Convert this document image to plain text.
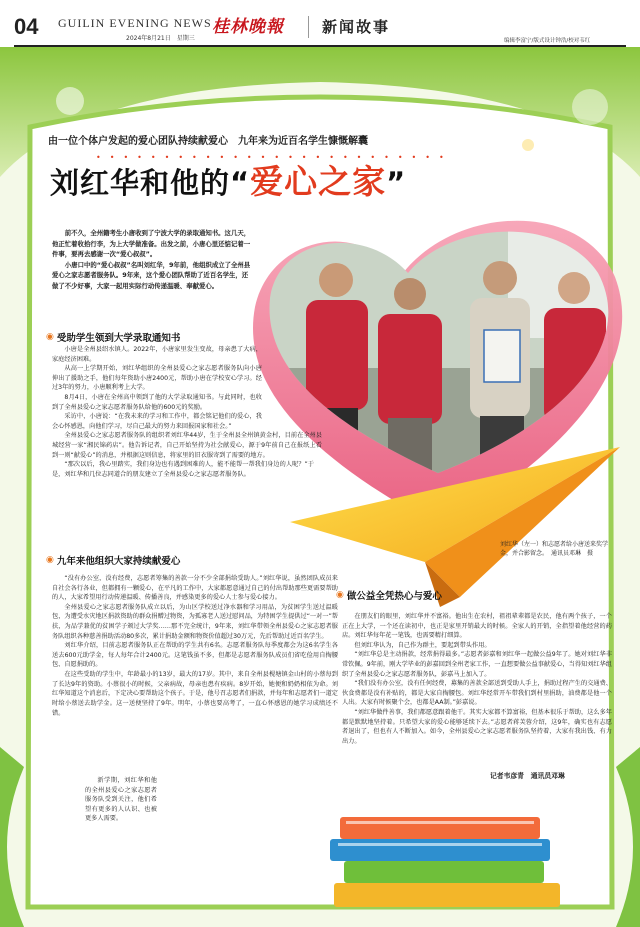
04 GUILIN EVENING NEWS
2024年8月21日　星期三
桂林晚報	新闻故事
编辑李富宁/版式设计钟浩/校对韦红
由一位个体户发起的爱心团队持续献爱心　九年来为近百名学生慷慨解囊
••••••••••••••••••••••••••
刘红华和他的“爱心之家”

前不久，全州籍考生小唐收到了宁波大学的录取通知书。这几天，他正忙着收拾行李，为上大学做准备。出发之前，小唐心里还惦记着一件事，要再去感谢一次“爱心叔叔”。

小唐口中的“爱心叔叔”名叫刘红华，9年前，他组织成立了全州县爱心之家志愿者服务队。9年来，这个爱心团队帮助了近百名学生，还做了不少好事，大家一起用实际行动传递温暖、奉献爱心。

◉ 受助学生领到大学录取通知书

小唐是全州县绍水镇人。2022年，小唐家里发生变故，母亲患了大病，家庭经济困难。

从高一上学期开始，刘红华组织的全州县爱心之家志愿者服务队向小唐伸出了援助之手，他们每年资助小唐2400元，帮助小唐在学校安心学习。经过3年的努力，小唐顺利考上大学。

8月4日，小唐在全州高中领到了他的大学录取通知书。与此同时，也收到了全州县爱心之家志愿者服务队给他的600元的奖励。

采访中，小唐说：“在我未来的学习和工作中，都会铭记他们的爱心，我会心怀感恩，向他们学习，尽自己最大的努力来回报国家和社会。”

全州县爱心之家志愿者服务队的组织者刘红华44岁，生于全州县全州镇黄金村，目前在全州县城经营一家“湘民锦药店”。他告诉记者，自己开始坚持为社会献爱心，源于9年前自己在报纸上看到一则“献爱心”的消息，并根据这则信息，将家里的旧衣服寄到了需要的地方。

“那次以后，我心里踏实，我们身边也有遇到困难的人，能不能帮一帮我们身边的人呢？”于是，刘红华和几位志同道合的朋友建立了全州县爱心之家志愿者服务队。

刘红华（左一）和志愿者给小唐送来奖学金，并合影留念。　通讯员邓琳　摄
◉ 九年来他组织大家持续献爱心

“没有办公室，没有经费，志愿者筹集的善款一分不少全部捐给受助人。”刘红华说，虽然团队成员来自社会各行各业，但都拥有一颗爱心，在平凡的工作中，大家都愿意通过自己的付出帮助那些更需要帮助的人，大家希望用行动传递温暖、传播善良，并感染更多的爱心人士参与爱心接力。

全州县爱心之家志愿者服务队成立以后，为山区学校送过净水器和学习用品，为贫困学生送过温暖包，为遭受水灾地区捐款资助的群众捐赠过物资，为孤寡老人送过慰问品，为特困学生提供过“一对一”帮扶，为品学兼优的贫困学子颁过大学奖……那不完全统计，9年来，刘红华带领全州县爱心之家志愿者服务队组织各种慈善捐助活动80多次，累计捐助金额和物资价值超过30万元，先后帮助过近百名学生。

刘红华介绍，目前志愿者服务队正在帮助的学生共有6名。志愿者服务队每季度都会为这6名学生各送去600元助学金，每人每年合计2400元。这笔钱虽不多，但都是志愿者服务队成员们省吃俭用自掏腰包、自愿捐助的。

在这些受助的学生中，年龄最小的13岁，最大的17岁。其中，来自全州县枧塘镇金山村的小蔡每到了长达9年的资助。小蔡很小的时候，父亲病故，母亲也患有疾病。8岁开始，她便和奶奶相依为命。刘红华知道这个消息后，下定决心要帮助这个孩子。于是，他号召志愿者们捐款，并每年和志愿者们一道定时给小蔡送去助学金。这一送便坚持了9年。明年，小蔡也要高考了，一直心怀感恩的她学习成绩还不错。

新学期，刘红华和他的全州县爱心之家志愿者服务队受到关注，他们希望有更多的人认识、也被更多人需要。

◉ 做公益全凭热心与爱心

在朋友们的眼里，刘红华并不富裕。他出生在农村，祖祖辈辈都是农民，他有两个孩子，一个正在上大学，一个还在读初中，也正是家里开销最大的时候。全家人的开销，全指望着他经营的药店。刘红华每年花一笔钱，也需要精打细算。

但刘红华认为，自己作为群主，要起到带头作用。

“刘红华总是主动捐款，经常捐得最多。”志愿者彭嘉和刘红华一起做公益9年了。她对刘红华非常钦佩。9年前，刚大学毕业的彭嘉回到全州老家工作，一直想要做公益事献爱心，当得知刘红华组织了全州县爱心之家志愿者服务队，彭嘉马上加入了。

“我们没有办公室，没有任何经费，募集的善款全部送到受助人手上，捐助过程产生的交通费、伙食费都是没有补贴的，都是大家自掏腰包。刘红华经常开车带我们到村里捐助，油费都是他一个人出。大家有时候聚个会，也都是AA制。”彭嘉说。

“刘红华做件善事，我们都愿意跟着他干。其实大家都不算富裕，但基本很乐于帮助，这么多年都是默默地坚持着。只希望大家的爱心能够延续下去。”志愿者蒋芙蓉介绍，这9年，确实也有志愿者退出了，但也有人不断加入。如今，全州县爱心之家志愿者服务队坚持着，大家有我出钱、有力出力。

记者韦彦青　通讯员邓琳
